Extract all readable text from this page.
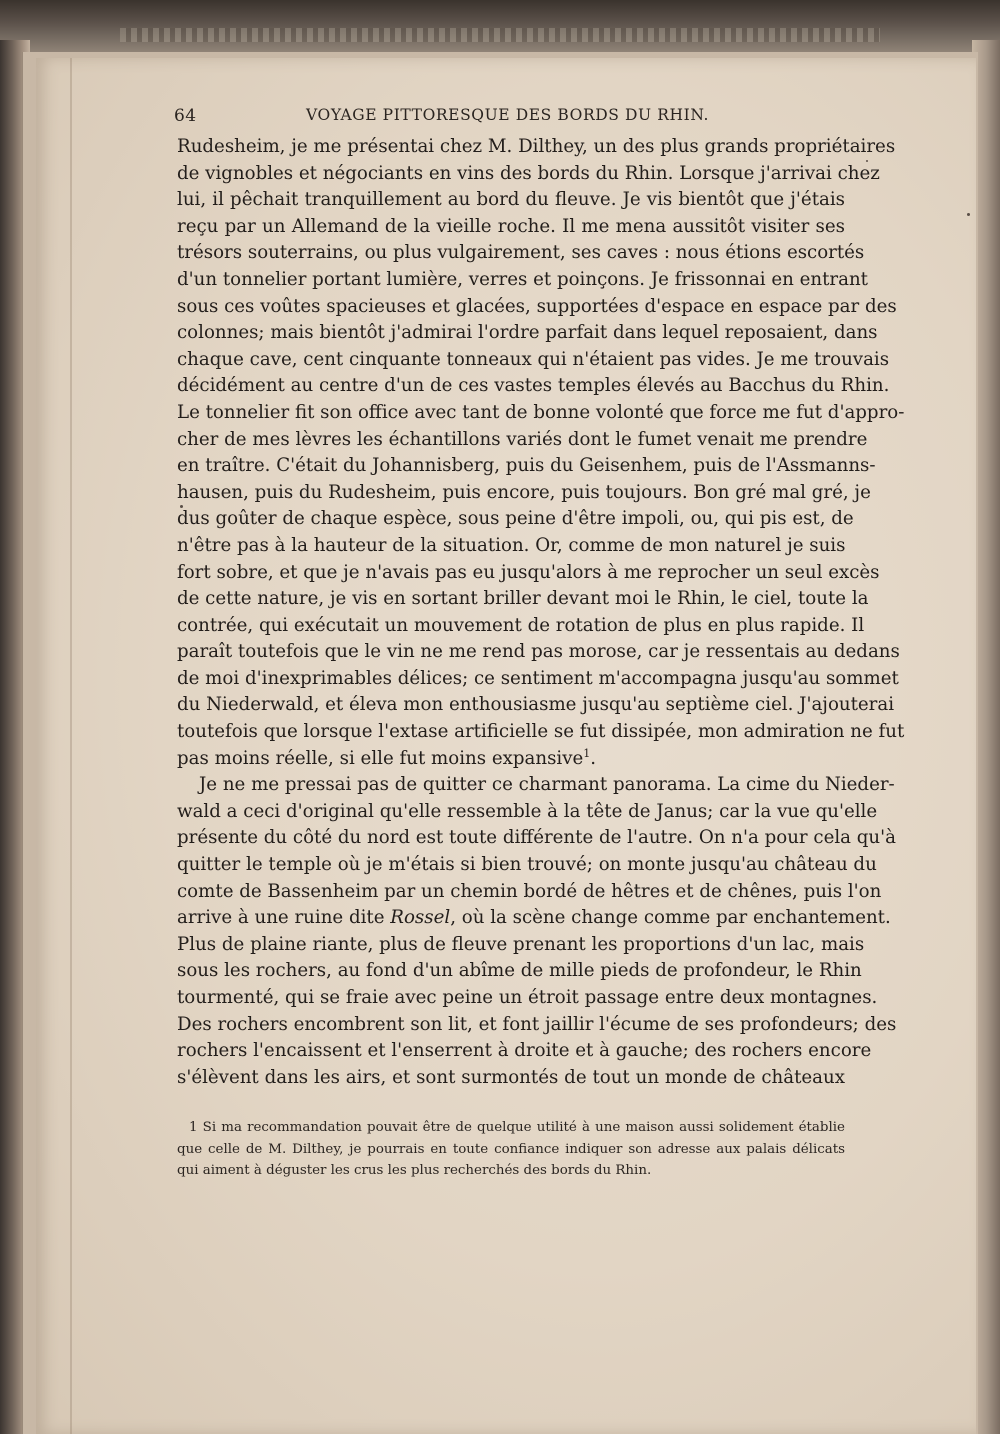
64	VOYAGE PITTORESQUE DES BORDS DU RHIN.
Rudesheim, je me présentai chez M. Dilthey, un des plus grands propriétaires
de vignobles et négociants en vins des bords du Rhin. Lorsque j'arrivai chez
lui, il pêchait tranquillement au bord du fleuve. Je vis bientôt que j'étais
reçu par un Allemand de la vieille roche. Il me mena aussitôt visiter ses
trésors souterrains, ou plus vulgairement, ses caves : nous étions escortés
d'un tonnelier portant lumière, verres et poinçons. Je frissonnai en entrant
sous ces voûtes spacieuses et glacées, supportées d'espace en espace par des
colonnes; mais bientôt j'admirai l'ordre parfait dans lequel reposaient, dans
chaque cave, cent cinquante tonneaux qui n'étaient pas vides. Je me trouvais
décidément au centre d'un de ces vastes temples élevés au Bacchus du Rhin.
Le tonnelier fit son office avec tant de bonne volonté que force me fut d'appro-
cher de mes lèvres les échantillons variés dont le fumet venait me prendre
en traître. C'était du Johannisberg, puis du Geisenhem, puis de l'Assmanns-
hausen, puis du Rudesheim, puis encore, puis toujours. Bon gré mal gré, je
dus goûter de chaque espèce, sous peine d'être impoli, ou, qui pis est, de
n'être pas à la hauteur de la situation. Or, comme de mon naturel je suis
fort sobre, et que je n'avais pas eu jusqu'alors à me reprocher un seul excès
de cette nature, je vis en sortant briller devant moi le Rhin, le ciel, toute la
contrée, qui exécutait un mouvement de rotation de plus en plus rapide. Il
paraît toutefois que le vin ne me rend pas morose, car je ressentais au dedans
de moi d'inexprimables délices; ce sentiment m'accompagna jusqu'au sommet
du Niederwald, et éleva mon enthousiasme jusqu'au septième ciel. J'ajouterai
toutefois que lorsque l'extase artificielle se fut dissipée, mon admiration ne fut
pas moins réelle, si elle fut moins expansive$^1$.
Je ne me pressai pas de quitter ce charmant panorama. La cime du Nieder-
wald a ceci d'original qu'elle ressemble à la tête de Janus; car la vue qu'elle
présente du côté du nord est toute différente de l'autre. On n'a pour cela qu'à
quitter le temple où je m'étais si bien trouvé; on monte jusqu'au château du
comte de Bassenheim par un chemin bordé de hêtres et de chênes, puis l'on
arrive à une ruine dite Rossel, où la scène change comme par enchantement.
Plus de plaine riante, plus de fleuve prenant les proportions d'un lac, mais
sous les rochers, au fond d'un abîme de mille pieds de profondeur, le Rhin
tourmenté, qui se fraie avec peine un étroit passage entre deux montagnes.
Des rochers encombrent son lit, et font jaillir l'écume de ses profondeurs; des
rochers l'encaissent et l'enserrent à droite et à gauche; des rochers encore
s'élèvent dans les airs, et sont surmontés de tout un monde de châteaux
1 Si ma recommandation pouvait être de quelque utilité à une maison aussi solidement établie
que celle de M. Dilthey, je pourrais en toute confiance indiquer son adresse aux palais délicats
qui aiment à déguster les crus les plus recherchés des bords du Rhin.
